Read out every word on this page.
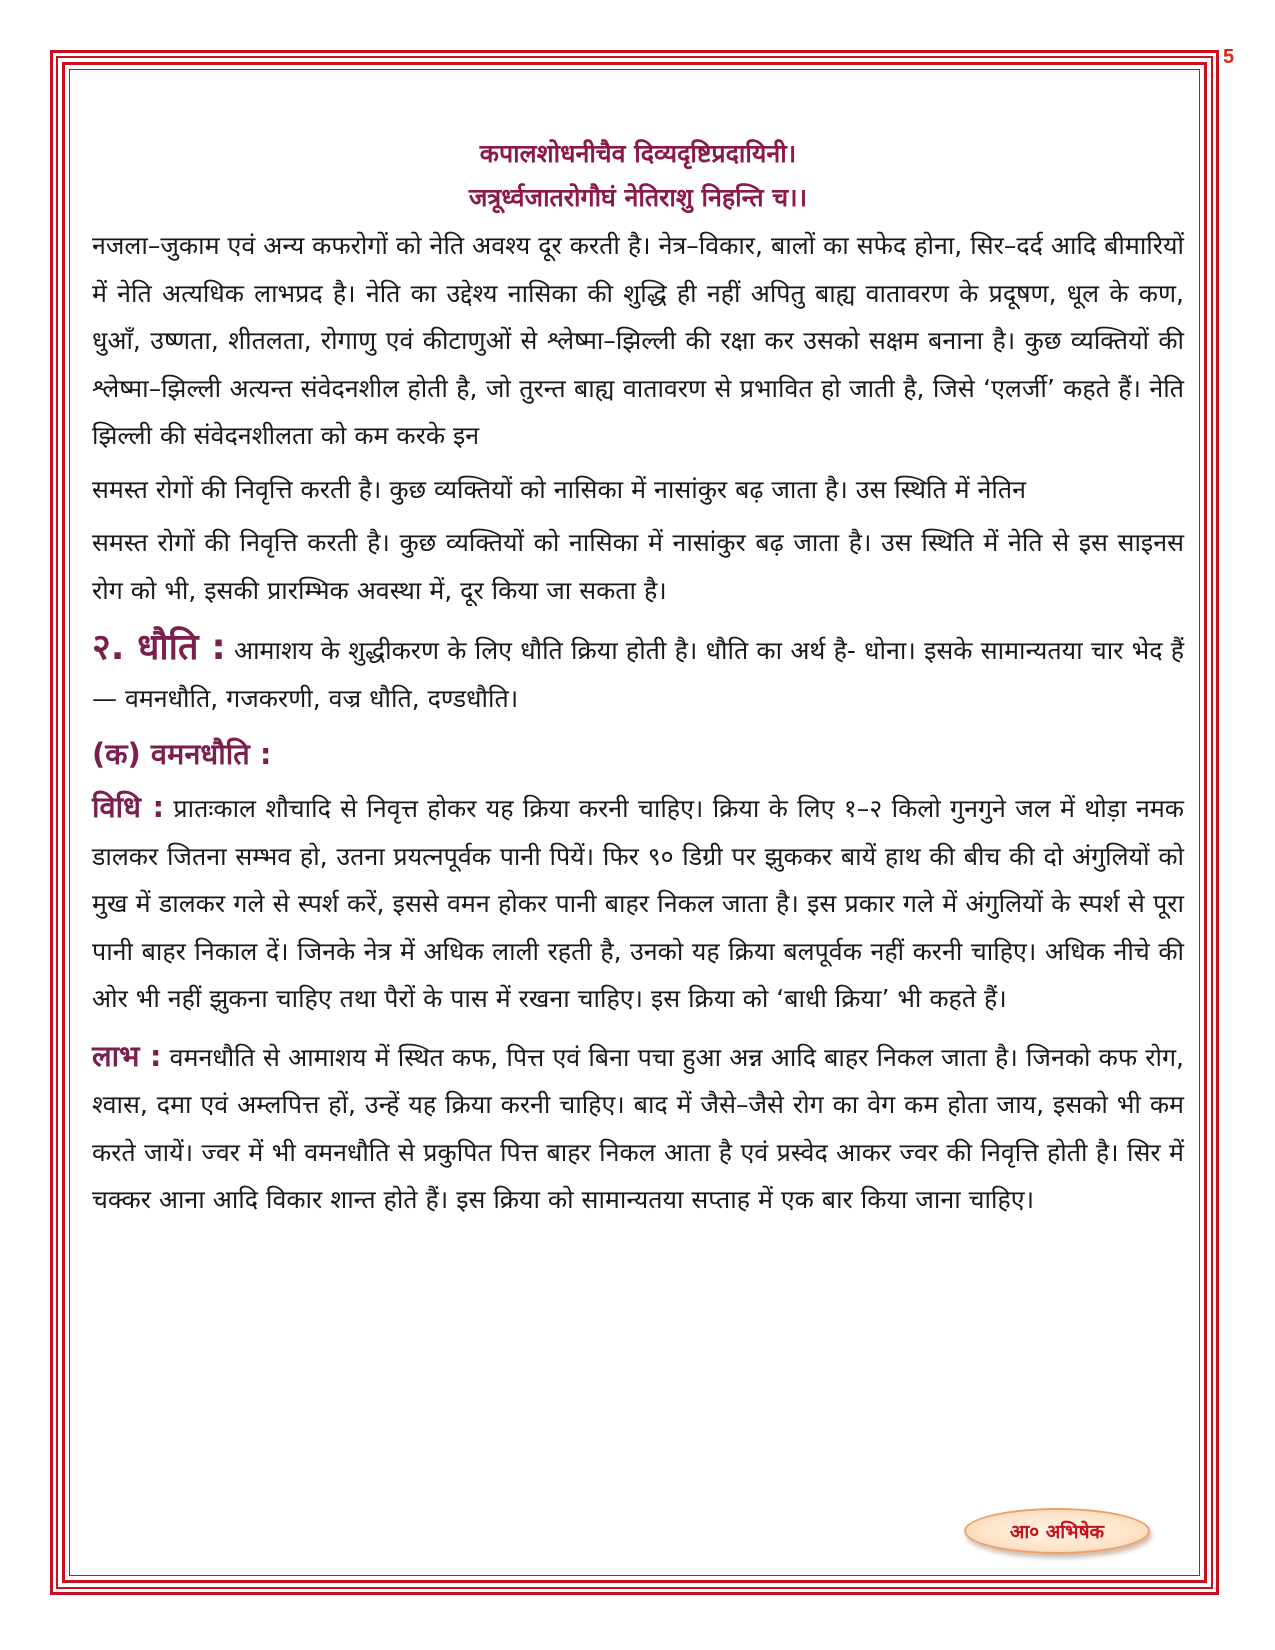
5

कपालशोधनीचैव दिव्यदृष्टिप्रदायिनी।

जत्रूर्ध्वजातरोगौघं नेतिराशु निहन्ति च।।

नजला–जुकाम एवं अन्य कफरोगों को नेति अवश्य दूर करती है। नेत्र–विकार, बालों का सफेद होना, सिर–दर्द आदि बीमारियों में नेति अत्यधिक लाभप्रद है। नेति का उद्देश्य नासिका की शुद्धि ही नहीं अपितु बाह्य वातावरण के प्रदूषण, धूल के कण, धुआँ, उष्णता, शीतलता, रोगाणु एवं कीटाणुओं से श्लेष्मा–झिल्ली की रक्षा कर उसको सक्षम बनाना है। कुछ व्यक्तियों की श्लेष्मा–झिल्ली अत्यन्त संवेदनशील होती है, जो तुरन्त बाह्य वातावरण से प्रभावित हो जाती है, जिसे ‘एलर्जी’ कहते हैं। नेति झिल्ली की संवेदनशीलता को कम करके इन

समस्त रोगों की निवृत्ति करती है। कुछ व्यक्तियों को नासिका में नासांकुर बढ़ जाता है। उस स्थिति में नेतिन

समस्त रोगों की निवृत्ति करती है। कुछ व्यक्तियों को नासिका में नासांकुर बढ़ जाता है। उस स्थिति में नेति से इस साइनस रोग को भी, इसकी प्रारम्भिक अवस्था में, दूर किया जा सकता है।

२. धौति : आमाशय के शुद्धीकरण के लिए धौति क्रिया होती है। धौति का अर्थ है- धोना। इसके सामान्यतया चार भेद हैं— वमनधौति, गजकरणी, वज्र धौति, दण्डधौति।

(क) वमनधौति :

विधि : प्रातःकाल शौचादि से निवृत्त होकर यह क्रिया करनी चाहिए। क्रिया के लिए १–२ किलो गुनगुने जल में थोड़ा नमक डालकर जितना सम्भव हो, उतना प्रयत्नपूर्वक पानी पियें। फिर ९० डिग्री पर झुककर बायें हाथ की बीच की दो अंगुलियों को मुख में डालकर गले से स्पर्श करें, इससे वमन होकर पानी बाहर निकल जाता है। इस प्रकार गले में अंगुलियों के स्पर्श से पूरा पानी बाहर निकाल दें। जिनके नेत्र में अधिक लाली रहती है, उनको यह क्रिया बलपूर्वक नहीं करनी चाहिए। अधिक नीचे की ओर भी नहीं झुकना चाहिए तथा पैरों के पास में रखना चाहिए। इस क्रिया को ‘बाधी क्रिया’ भी कहते हैं।

लाभ : वमनधौति से आमाशय में स्थित कफ, पित्त एवं बिना पचा हुआ अन्न आदि बाहर निकल जाता है। जिनको कफ रोग, श्वास, दमा एवं अम्लपित्त हों, उन्हें यह क्रिया करनी चाहिए। बाद में जैसे–जैसे रोग का वेग कम होता जाय, इसको भी कम करते जायें। ज्वर में भी वमनधौति से प्रकुपित पित्त बाहर निकल आता है एवं प्रस्वेद आकर ज्वर की निवृत्ति होती है। सिर में चक्कर आना आदि विकार शान्त होते हैं। इस क्रिया को सामान्यतया सप्ताह में एक बार किया जाना चाहिए।

आ० अभिषेक
